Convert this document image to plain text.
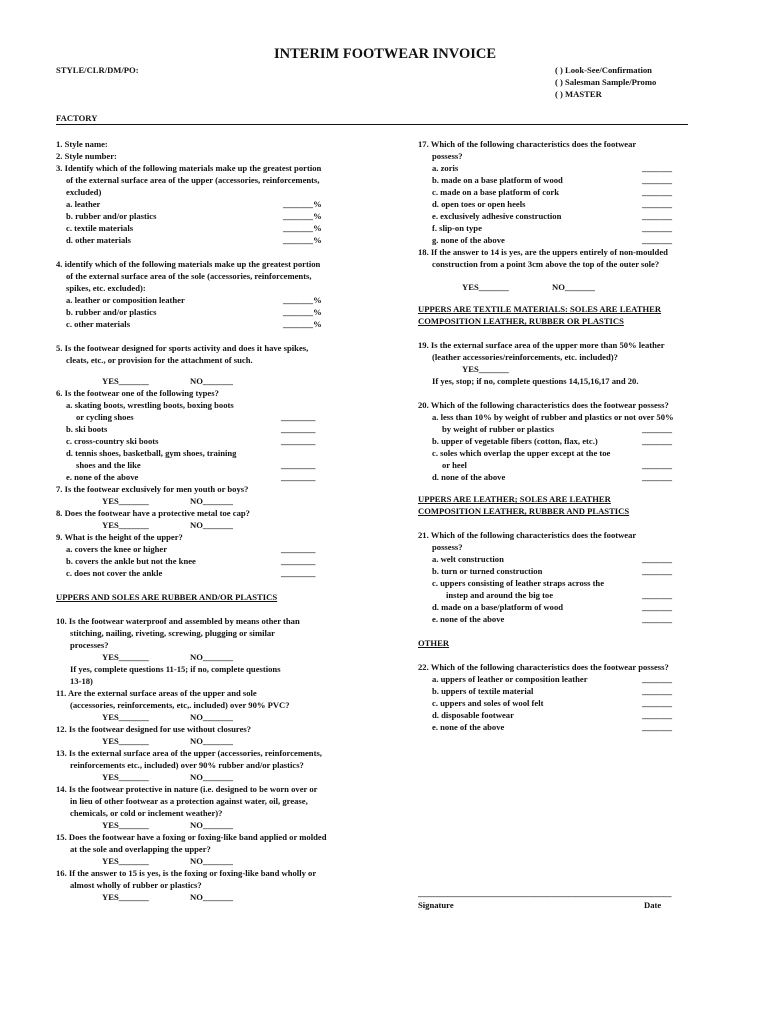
INTERIM FOOTWEAR INVOICE
STYLE/CLR/DM/PO:	( ) Look-See/Confirmation
( ) Salesman Sample/Promo
( ) MASTER
FACTORY
1. Style name:
2. Style number:
3. Identify which of the following materials make up the greatest portion
of the external surface area of the upper (accessories, reinforcements,
excluded)
a. leather	_______%
b. rubber and/or plastics	_______%
c. textile materials	_______%
d. other materials	_______%
4. identify which of the following materials make up the greatest portion
of the external surface area of the sole (accessories, reinforcements,
spikes, etc. excluded):
a. leather or composition leather	_______%
b. rubber and/or plastics	_______%
c. other materials	_______%
5. Is the footwear designed for sports activity and does it have spikes,
cleats, etc., or provision for the attachment of such.
YES_______	NO_______
6. Is the footwear one of the following types?
a. skating boots, wrestling boots, boxing boots
or cycling shoes	________
b. ski boots	________
c. cross-country ski boots	________
d. tennis shoes, basketball, gym shoes, training
shoes and the like	________
e. none of the above	________
7. Is the footwear exclusively for men youth or boys?
YES_______	NO_______
8. Does the footwear have a protective metal toe cap?
YES_______	NO_______
9. What is the height of the upper?
a. covers the knee or higher	________
b. covers the ankle but not the knee	________
c. does not cover the ankle	________
UPPERS AND SOLES ARE RUBBER AND/OR PLASTICS
10. Is the footwear waterproof and assembled by means other than
stitching, nailing, riveting, screwing, plugging or similar
processes?
YES_______	NO_______
If yes, complete questions 11-15; if no, complete questions
13-18)
11. Are the external surface areas of the upper and sole
(accessories, reinforcements, etc,. included) over 90% PVC?
YES_______	NO_______
12. Is the footwear designed for use without closures?
YES_______	NO_______
13. Is the external surface area of the upper (accessories, reinforcements,
reinforcements etc., included) over 90% rubber and/or plastics?
YES_______	NO_______
14. Is the footwear protective in nature (i.e. designed to be worn over or
in lieu of other footwear as a protection against water, oil, grease,
chemicals, or cold or inclement weather)?
YES_______	NO_______
15. Does the footwear have a foxing or foxing-like band applied or molded
at the sole and overlapping the upper?
YES_______	NO_______
16. If the answer to 15 is yes, is the foxing or foxing-like band wholly or
almost wholly of rubber or plastics?
YES_______	NO_______
17. Which of the following characteristics does the footwear
possess?
a. zoris	_______
b. made on a base platform of wood	_______
c. made on a base platform of cork	_______
d. open toes or open heels	_______
e. exclusively adhesive construction	_______
f. slip-on type	_______
g. none of the above	_______
18. If the answer to 14 is yes, are the uppers entirely of non-moulded
construction from a point 3cm above the top of the outer sole?
YES_______	NO_______
UPPERS ARE TEXTILE MATERIALS: SOLES ARE LEATHER
COMPOSITION LEATHER, RUBBER OR PLASTICS
19. Is the external surface area of the upper more than 50% leather
(leather accessories/reinforcements, etc. included)?
YES_______
If yes, stop; if no, complete questions 14,15,16,17 and 20.
20. Which of the following characteristics does the footwear possess?
a. less than 10% by weight of rubber and plastics or not over 50%
by weight of rubber or plastics	_______
b. upper of vegetable fibers (cotton, flax, etc.)	_______
c. soles which overlap the upper except at the toe
or heel	_______
d. none of the above	_______
UPPERS ARE LEATHER; SOLES ARE LEATHER
COMPOSITION LEATHER, RUBBER AND PLASTICS
21. Which of the following characteristics does the footwear
possess?
a. welt construction	_______
b. turn or turned construction	_______
c. uppers consisting of leather straps across the
instep and around the big toe	_______
d. made on a base/platform of wood	_______
e. none of the above	_______
OTHER
22. Which of the following characteristics does the footwear possess?
a. uppers of leather or composition leather	_______
b. uppers of textile material	_______
c. uppers and soles of wool felt	_______
d. disposable footwear	_______
e. none of the above	_______
___________________________________________________________
Signature	Date
